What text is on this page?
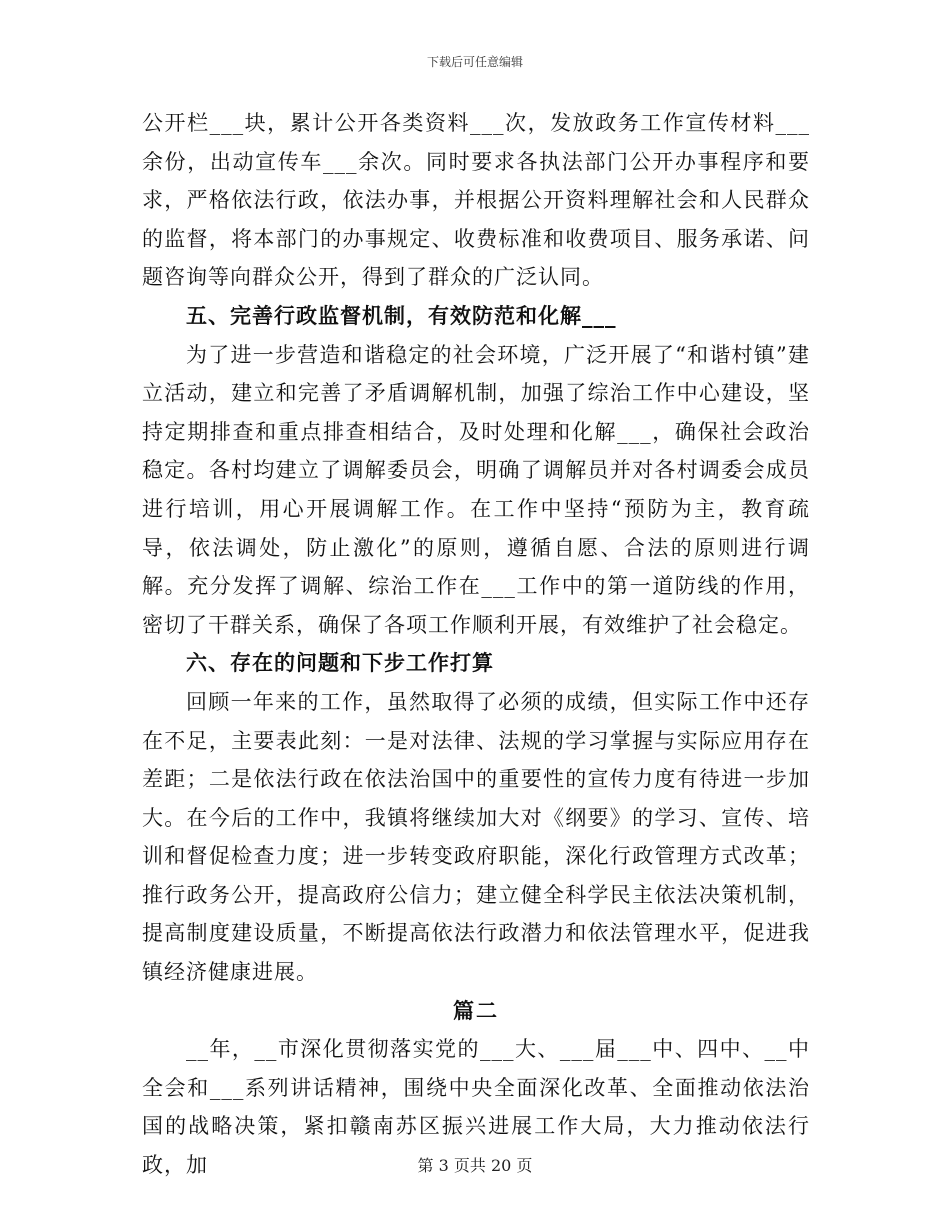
下载后可任意编辑

公开栏___块，累计公开各类资料___次，发放政务工作宣传材料___余份，出动宣传车___余次。同时要求各执法部门公开办事程序和要求，严格依法行政，依法办事，并根据公开资料理解社会和人民群众的监督，将本部门的办事规定、收费标准和收费项目、服务承诺、问题咨询等向群众公开，得到了群众的广泛认同。

五、完善行政监督机制，有效防范和化解___

为了进一步营造和谐稳定的社会环境，广泛开展了“和谐村镇”建立活动，建立和完善了矛盾调解机制，加强了综治工作中心建设，坚持定期排查和重点排查相结合，及时处理和化解___，确保社会政治稳定。各村均建立了调解委员会，明确了调解员并对各村调委会成员进行培训，用心开展调解工作。在工作中坚持“预防为主，教育疏导，依法调处，防止激化”的原则，遵循自愿、合法的原则进行调解。充分发挥了调解、综治工作在___工作中的第一道防线的作用，密切了干群关系，确保了各项工作顺利开展，有效维护了社会稳定。

六、存在的问题和下步工作打算

回顾一年来的工作，虽然取得了必须的成绩，但实际工作中还存在不足，主要表此刻：一是对法律、法规的学习掌握与实际应用存在差距；二是依法行政在依法治国中的重要性的宣传力度有待进一步加大。在今后的工作中，我镇将继续加大对《纲要》的学习、宣传、培训和督促检查力度；进一步转变政府职能，深化行政管理方式改革；推行政务公开，提高政府公信力；建立健全科学民主依法决策机制，提高制度建设质量，不断提高依法行政潜力和依法管理水平，促进我镇经济健康进展。

篇二

__年，__市深化贯彻落实党的___大、___届___中、四中、__中全会和___系列讲话精神，围绕中央全面深化改革、全面推动依法治国的战略决策，紧扣赣南苏区振兴进展工作大局，大力推动依法行政，加	第 3 页共 20 页
